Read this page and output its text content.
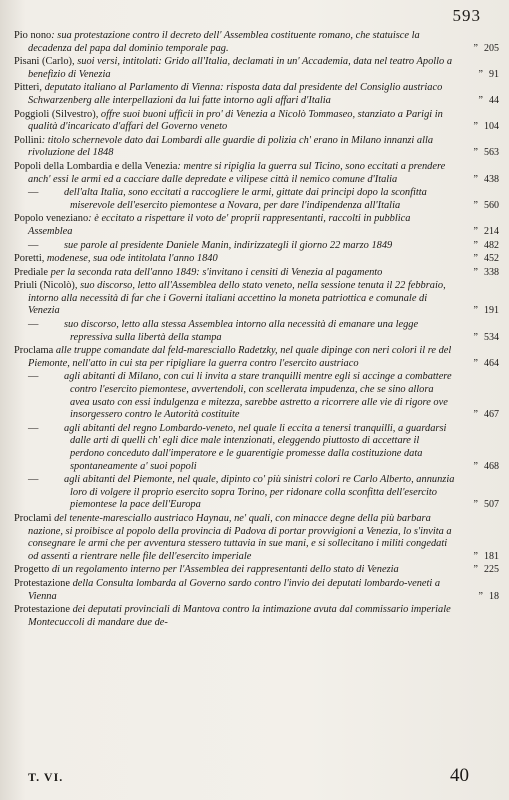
593

Pio nono: sua protestazione contro il decreto dell' Assemblea costituente romano, che statuisce la decadenza del papa dal dominio temporale pag.	” 205

Pisani (Carlo), suoi versi, intitolati: Grido all'Italia, declamati in un' Accademia, data nel teatro Apollo a benefizio di Venezia	” 91

Pitteri, deputato italiano al Parlamento di Vienna: risposta data dal presidente del Consiglio austriaco Schwarzenberg alle interpellazioni da lui fatte intorno agli affari d'Italia	” 44

Poggioli (Silvestro), offre suoi buoni ufficii in pro' di Venezia a Nicolò Tommaseo, stanziato a Parigi in qualità d'incaricato d'affari del Governo veneto	” 104

Pollini: titolo schernevole dato dai Lombardi alle guardie di polizia ch' erano in Milano innanzi alla rivoluzione del 1848	” 563

Popoli della Lombardia e della Venezia: mentre si ripiglia la guerra sul Ticino, sono eccitati a prendere anch' essi le armi ed a cacciare dalle depredate e vilipese città il nemico comune d'Italia	” 438

— dell'alta Italia, sono eccitati a raccogliere le armi, gittate dai principi dopo la sconfitta miserevole dell'esercito piemontese a Novara, per dare l'indipendenza all'Italia	” 560

Popolo veneziano: è eccitato a rispettare il voto de' proprii rappresentanti, raccolti in pubblica Assemblea	” 214

— sue parole al presidente Daniele Manin, indirizzategli il giorno 22 marzo 1849	” 482

Poretti, modenese, sua ode intitolata l'anno 1840	” 452

Prediale per la seconda rata dell'anno 1849: s'invitano i censiti di Venezia al pagamento	” 338

Priuli (Nicolò), suo discorso, letto all'Assemblea dello stato veneto, nella sessione tenuta il 22 febbraio, intorno alla necessità di far che i Governi italiani accettino la moneta patriottica e comunale di Venezia	” 191

— suo discorso, letto alla stessa Assemblea intorno alla necessità di emanare una legge repressiva sulla libertà della stampa	” 534

Proclama alle truppe comandate dal feld-maresciallo Radetzky, nel quale dipinge con neri colori il re del Piemonte, nell'atto in cui sta per ripigliare la guerra contro l'esercito austriaco	” 464

— agli abitanti di Milano, con cui li invita a stare tranquilli mentre egli si accinge a combattere contro l'esercito piemontese, avvertendoli, con scellerata impudenza, che se sino allora avea usato con essi indulgenza e mitezza, sarebbe astretto a ricorrere alle vie di rigore ove insorgessero contro le Autorità costituite	” 467

— agli abitanti del regno Lombardo-veneto, nel quale li eccita a tenersi tranquilli, a guardarsi dalle arti di quelli ch' egli dice male intenzionati, eleggendo piuttosto di accettare il perdono conceduto dall'imperatore e le guarentigie promesse dalla costituzione data spontaneamente a' suoi popoli	” 468

— agli abitanti del Piemonte, nel quale, dipinto co' più sinistri colori re Carlo Alberto, annunzia loro di volgere il proprio esercito sopra Torino, per ridonare colla sconfitta dell'esercito piemontese la pace dell'Europa	” 507

Proclami del tenente-maresciallo austriaco Haynau, ne' quali, con minacce degne della più barbara nazione, si proibisce al popolo della provincia di Padova di portar provvigioni a Venezia, lo s'invita a consegnare le armi che per avventura stessero tuttavia in sue mani, e si sollecitano i militi congedati od assenti a rientrare nelle file dell'esercito imperiale	” 181

Progetto di un regolamento interno per l'Assemblea dei rappresentanti dello stato di Venezia	” 225

Protestazione della Consulta lombarda al Governo sardo contro l'invio dei deputati lombardo-veneti a Vienna	” 18

Protestazione dei deputati provinciali di Mantova contro la intimazione avuta dal commissario imperiale Montecuccoli di mandare due de-

T. VI.	40
